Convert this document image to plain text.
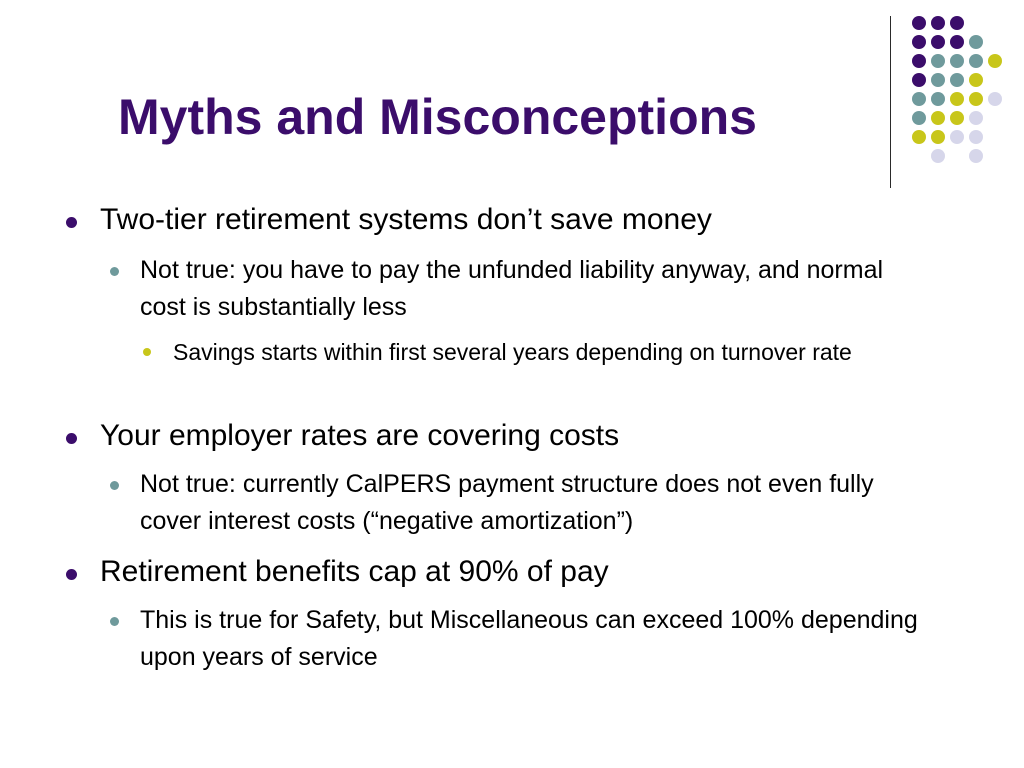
Myths and Misconceptions
Two-tier retirement systems don’t save money
Not true: you have to pay the unfunded liability anyway, and normal cost is substantially less
Savings starts within first several years depending on turnover rate
Your employer rates are covering costs
Not true: currently CalPERS payment structure does not even fully cover interest costs (“negative amortization”)
Retirement benefits cap at 90% of pay
This is true for Safety, but Miscellaneous can exceed 100% depending upon years of service
